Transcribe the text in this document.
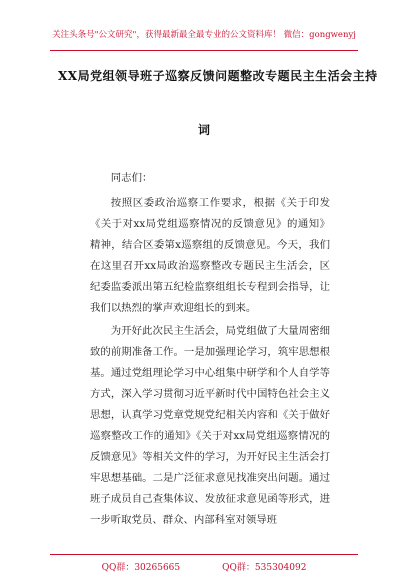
关注头条号"公文研究"，获得最新最全最专业的公文资料库！ 微信：gongwenyj
XX局党组领导班子巡察反馈问题整改专题民主生活会主持
词

同志们：

按照区委政治巡察工作要求，根据《关于印发《关于对xx局党组巡察情况的反馈意见》的通知》精神，结合区委第x巡察组的反馈意见。今天，我们在这里召开xx局政治巡察整改专题民主生活会，区纪委监委派出第五纪检监察组组长专程到会指导，让我们以热烈的掌声欢迎组长的到来。

为开好此次民主生活会，局党组做了大量周密细致的前期准备工作。一是加强理论学习，筑牢思想根基。通过党组理论学习中心组集中研学和个人自学等方式，深入学习贯彻习近平新时代中国特色社会主义思想，认真学习党章党规党纪相关内容和《关于做好巡察整改工作的通知》《关于对xx局党组巡察情况的反馈意见》等相关文件的学习，为开好民主生活会打牢思想基础。二是广泛征求意见找准突出问题。通过班子成员自己查集体议、发放征求意见函等形式，进一步听取党员、群众、内部科室对领导班

QQ群：30265665	QQ群：535304092
